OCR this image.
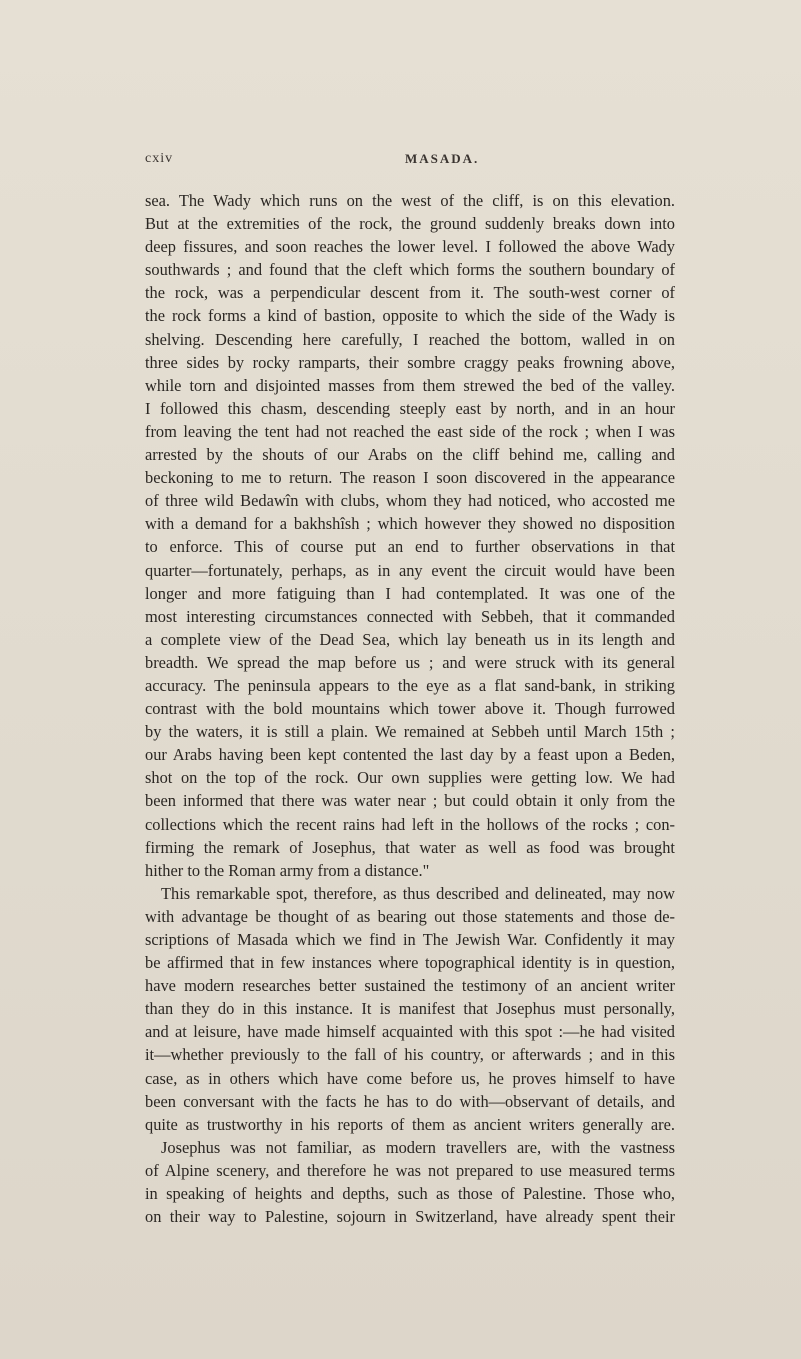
cxiv	MASADA.
sea. The Wady which runs on the west of the cliff, is on this elevation.
But at the extremities of the rock, the ground suddenly breaks down into
deep fissures, and soon reaches the lower level. I followed the above Wady
southwards ; and found that the cleft which forms the southern boundary of
the rock, was a perpendicular descent from it. The south-west corner of
the rock forms a kind of bastion, opposite to which the side of the Wady is
shelving. Descending here carefully, I reached the bottom, walled in on
three sides by rocky ramparts, their sombre craggy peaks frowning above,
while torn and disjointed masses from them strewed the bed of the valley.
I followed this chasm, descending steeply east by north, and in an hour
from leaving the tent had not reached the east side of the rock ; when I was
arrested by the shouts of our Arabs on the cliff behind me, calling and
beckoning to me to return. The reason I soon discovered in the appearance
of three wild Bedawîn with clubs, whom they had noticed, who accosted me
with a demand for a bakhshîsh ; which however they showed no disposition
to enforce. This of course put an end to further observations in that
quarter—fortunately, perhaps, as in any event the circuit would have been
longer and more fatiguing than I had contemplated. It was one of the
most interesting circumstances connected with Sebbeh, that it commanded
a complete view of the Dead Sea, which lay beneath us in its length and
breadth. We spread the map before us ; and were struck with its general
accuracy. The peninsula appears to the eye as a flat sand-bank, in striking
contrast with the bold mountains which tower above it. Though furrowed
by the waters, it is still a plain. We remained at Sebbeh until March 15th ;
our Arabs having been kept contented the last day by a feast upon a Beden,
shot on the top of the rock. Our own supplies were getting low. We had
been informed that there was water near ; but could obtain it only from the
collections which the recent rains had left in the hollows of the rocks ; con-
firming the remark of Josephus, that water as well as food was brought
hither to the Roman army from a distance."
This remarkable spot, therefore, as thus described and delineated, may now
with advantage be thought of as bearing out those statements and those de-
scriptions of Masada which we find in The Jewish War. Confidently it may
be affirmed that in few instances where topographical identity is in question,
have modern researches better sustained the testimony of an ancient writer
than they do in this instance. It is manifest that Josephus must personally,
and at leisure, have made himself acquainted with this spot :—he had visited
it—whether previously to the fall of his country, or afterwards ; and in this
case, as in others which have come before us, he proves himself to have
been conversant with the facts he has to do with—observant of details, and
quite as trustworthy in his reports of them as ancient writers generally are.
Josephus was not familiar, as modern travellers are, with the vastness
of Alpine scenery, and therefore he was not prepared to use measured terms
in speaking of heights and depths, such as those of Palestine. Those who,
on their way to Palestine, sojourn in Switzerland, have already spent their
